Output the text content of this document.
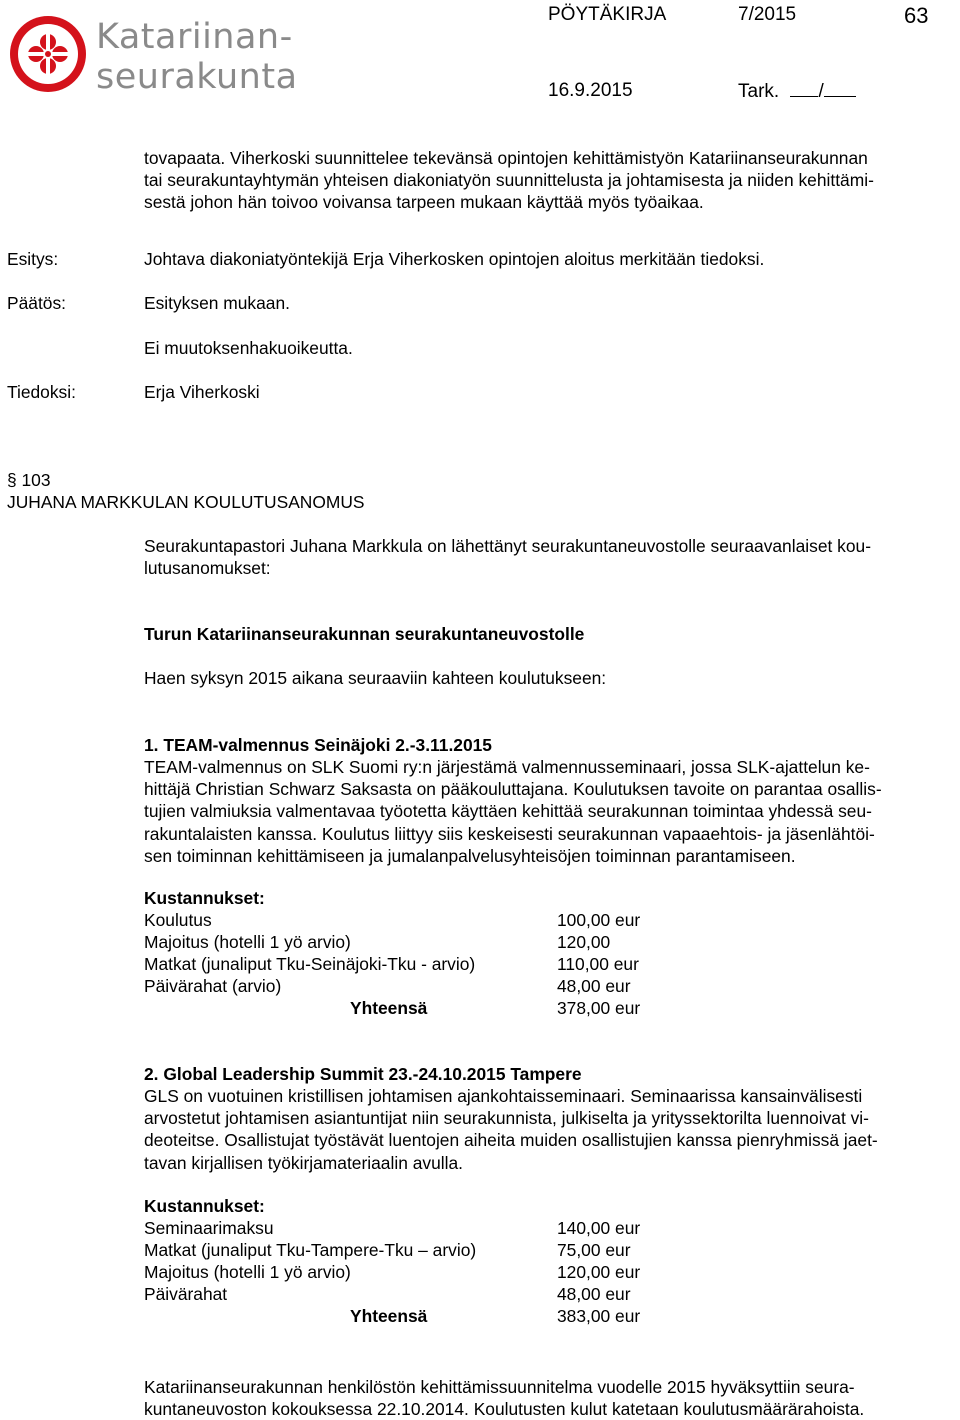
Katariinan-
seurakunta
PÖYTÄKIRJA	7/2015	63
16.9.2015	Tark. /
tovapaata. Viherkoski suunnittelee tekevänsä opintojen kehittämistyön Katariinanseurakunnan
tai seurakuntayhtymän yhteisen diakoniatyön suunnittelusta ja johtamisesta ja niiden kehittämi-
sestä johon hän toivoo voivansa tarpeen mukaan käyttää myös työaikaa.
Esitys:	Johtava diakoniatyöntekijä Erja Viherkosken opintojen aloitus merkitään tiedoksi.
Päätös:	Esityksen mukaan.
Ei muutoksenhakuoikeutta.
Tiedoksi:	Erja Viherkoski
§ 103
JUHANA MARKKULAN KOULUTUSANOMUS
Seurakuntapastori Juhana Markkula on lähettänyt seurakuntaneuvostolle seuraavanlaiset kou-
lutusanomukset:
Turun Katariinanseurakunnan seurakuntaneuvostolle
Haen syksyn 2015 aikana seuraaviin kahteen koulutukseen:
1. TEAM-valmennus Seinäjoki 2.-3.11.2015
TEAM-valmennus on SLK Suomi ry:n järjestämä valmennusseminaari, jossa SLK-ajattelun ke-
hittäjä Christian Schwarz Saksasta on pääkouluttajana. Koulutuksen tavoite on parantaa osallis-
tujien valmiuksia valmentavaa työotetta käyttäen kehittää seurakunnan toimintaa yhdessä seu-
rakuntalaisten kanssa. Koulutus liittyy siis keskeisesti seurakunnan vapaaehtois- ja jäsenlähtöi-
sen toiminnan kehittämiseen ja jumalanpalvelusyhteisöjen toiminnan parantamiseen.
Kustannukset:
Koulutus	100,00 eur
Majoitus (hotelli 1 yö arvio)	120,00
Matkat (junaliput Tku-Seinäjoki-Tku - arvio)	110,00 eur
Päivärahat (arvio)	48,00 eur
Yhteensä	378,00 eur
2. Global Leadership Summit 23.-24.10.2015 Tampere
GLS on vuotuinen kristillisen johtamisen ajankohtaisseminaari. Seminaarissa kansainvälisesti
arvostetut johtamisen asiantuntijat niin seurakunnista, julkiselta ja yrityssektorilta luennoivat vi-
deoteitse. Osallistujat työstävät luentojen aiheita muiden osallistujien kanssa pienryhmissä jaet-
tavan kirjallisen työkirjamateriaalin avulla.
Kustannukset:
Seminaarimaksu	140,00 eur
Matkat (junaliput Tku-Tampere-Tku – arvio)	75,00 eur
Majoitus (hotelli 1 yö arvio)	120,00 eur
Päivärahat	48,00 eur
Yhteensä	383,00 eur
Katariinanseurakunnan henkilöstön kehittämissuunnitelma vuodelle 2015 hyväksyttiin seura-
kuntaneuvoston kokouksessa 22.10.2014. Koulutusten kulut katetaan koulutusmäärärahoista.
